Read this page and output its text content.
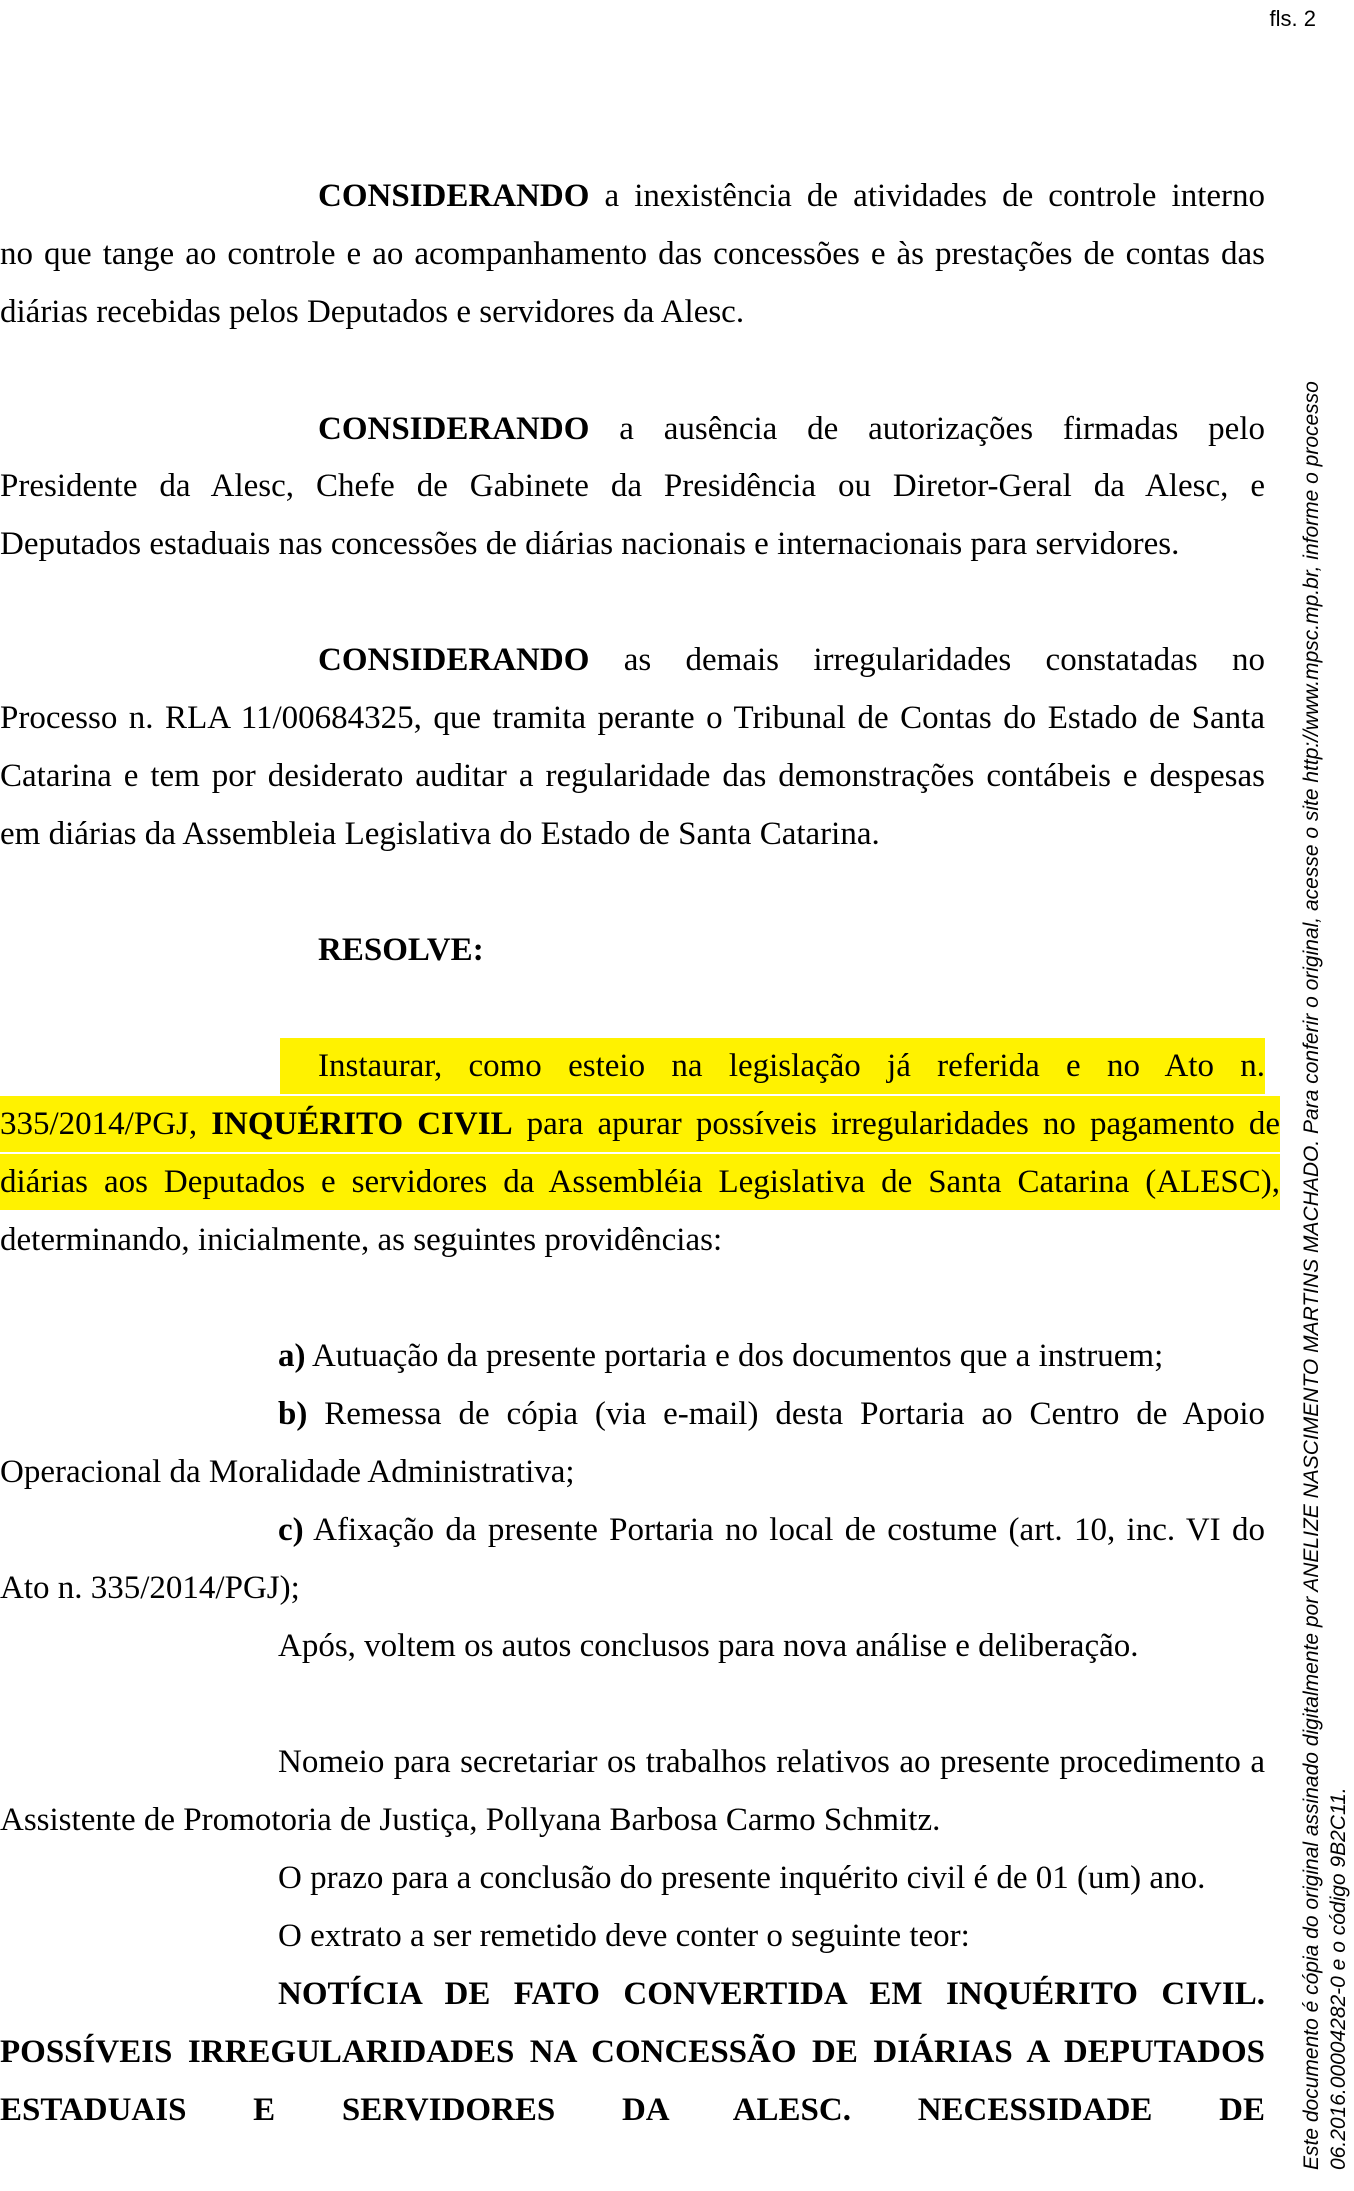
fls. 2
CONSIDERANDO a inexistência de atividades de controle interno
no que tange ao controle e ao acompanhamento das concessões e às prestações de contas das
diárias recebidas pelos Deputados e servidores da Alesc.
CONSIDERANDO a ausência de autorizações firmadas pelo
Presidente da Alesc, Chefe de Gabinete da Presidência ou Diretor-Geral da Alesc, e
Deputados estaduais nas concessões de diárias nacionais e internacionais para servidores.
CONSIDERANDO as demais irregularidades constatadas no
Processo n. RLA 11/00684325, que tramita perante o Tribunal de Contas do Estado de Santa
Catarina e tem por desiderato auditar a regularidade das demonstrações contábeis e despesas
em diárias da Assembleia Legislativa do Estado de Santa Catarina.
RESOLVE:
Instaurar, como esteio na legislação já referida e no Ato n.
335/2014/PGJ, INQUÉRITO CIVIL para apurar possíveis irregularidades no pagamento de
diárias aos Deputados e servidores da Assembléia Legislativa de Santa Catarina (ALESC),
determinando, inicialmente, as seguintes providências:
a) Autuação da presente portaria e dos documentos que a instruem;
b) Remessa de cópia (via e-mail) desta Portaria ao Centro de Apoio
Operacional da Moralidade Administrativa;
c) Afixação da presente Portaria no local de costume (art. 10, inc. VI do
Ato n. 335/2014/PGJ);
Após, voltem os autos conclusos para nova análise e deliberação.
Nomeio para secretariar os trabalhos relativos ao presente procedimento a
Assistente de Promotoria de Justiça, Pollyana Barbosa Carmo Schmitz.
O prazo para a conclusão do presente inquérito civil é de 01 (um) ano.
O extrato a ser remetido deve conter o seguinte teor:
NOTÍCIA DE FATO CONVERTIDA EM INQUÉRITO CIVIL.
POSSÍVEIS IRREGULARIDADES NA CONCESSÃO DE DIÁRIAS A DEPUTADOS
ESTADUAIS E SERVIDORES DA ALESC. NECESSIDADE DE Este documento é cópia do original assinado digitalmente por ANELIZE NASCIMENTO MARTINS MACHADO. Para conferir o original, acesse o site http://www.mpsc.mp.br, informe o processo 06.2016.00004282-0 e o código 9B2C11.
